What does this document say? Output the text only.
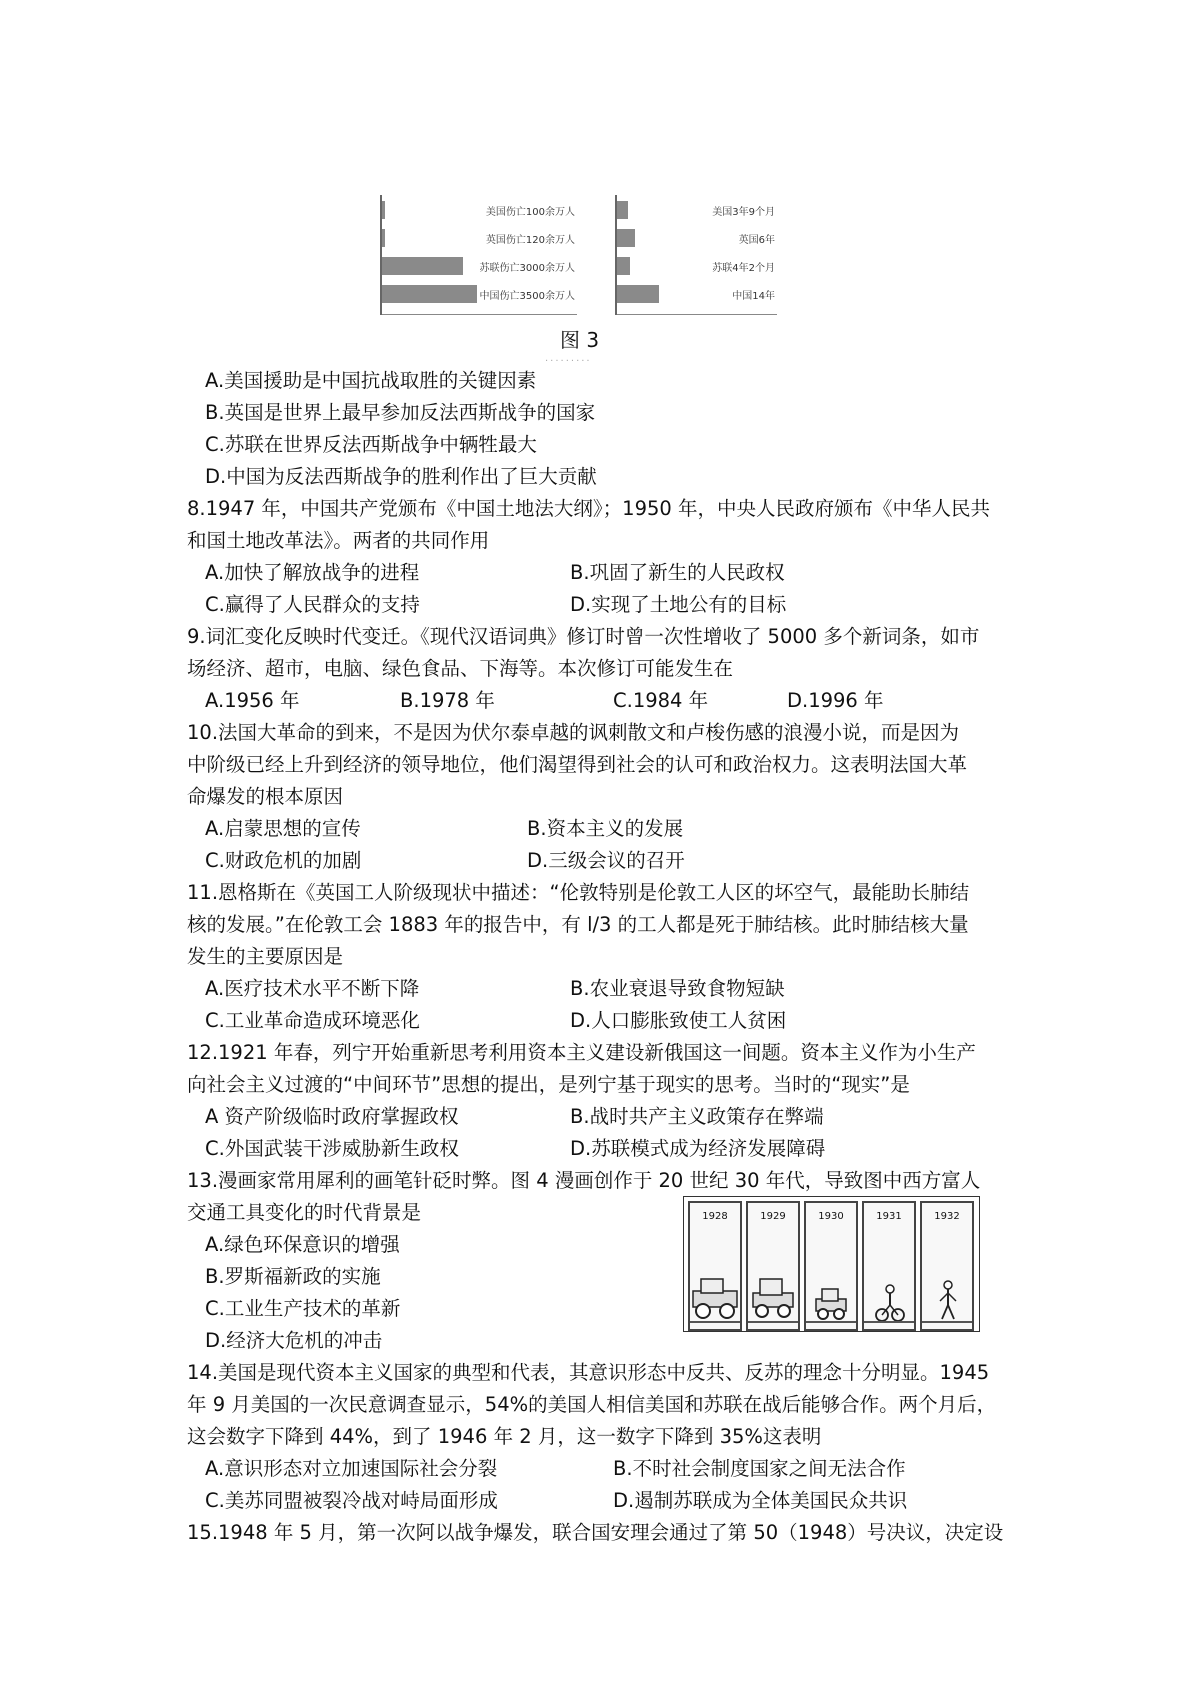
美国伤亡100余万人
英国伤亡120余万人
苏联伤亡3000余万人
中国伤亡3500余万人
美国3年9个月
英国6年
苏联4年2个月
中国14年
图 3
·········
A.美国援助是中国抗战取胜的关键因素
B.英国是世界上最早参加反法西斯战争的国家
C.苏联在世界反法西斯战争中辆牲最大
D.中国为反法西斯战争的胜利作出了巨大贡献
8.1947 年，中国共产党颁布《中国土地法大纲》；1950 年，中央人民政府颁布《中华人民共
和国土地改革法》。两者的共同作用
A.加快了解放战争的进程	B.巩固了新生的人民政权
C.赢得了人民群众的支持	D.实现了土地公有的目标
9.词汇变化反映时代变迁。《现代汉语词典》修订时曾一次性增收了 5000 多个新词条，如市
场经济、超市，电脑、绿色食品、下海等。本次修订可能发生在
A.1956 年	B.1978 年	C.1984 年	D.1996 年
10.法国大革命的到来，不是因为伏尔泰卓越的讽刺散文和卢梭伤感的浪漫小说，而是因为
中阶级已经上升到经济的领导地位，他们渴望得到社会的认可和政治权力。这表明法国大革
命爆发的根本原因
A.启蒙思想的宣传	B.资本主义的发展
C.财政危机的加剧	D.三级会议的召开
11.恩格斯在《英国工人阶级现状中描述：“伦敦特别是伦敦工人区的坏空气，最能助长肺结
核的发展。”在伦敦工会 1883 年的报告中，有 l/3 的工人都是死于肺结核。此时肺结核大量
发生的主要原因是
A.医疗技术水平不断下降	B.农业衰退导致食物短缺
C.工业革命造成环境恶化	D.人口膨胀致使工人贫困
12.1921 年春，列宁开始重新思考利用资本主义建设新俄国这一间题。资本主义作为小生产
向社会主义过渡的“中间环节”思想的提出，是列宁基于现实的思考。当时的“现实”是
A 资产阶级临时政府掌握政权	B.战时共产主义政策存在弊端
C.外国武装干涉威胁新生政权	D.苏联模式成为经济发展障碍
13.漫画家常用犀利的画笔针砭时弊。图 4 漫画创作于 20 世纪 30 年代，导致图中西方富人
交通工具变化的时代背景是
A.绿色环保意识的增强
B.罗斯福新政的实施
C.工业生产技术的革新
D.经济大危机的冲击
1928	1929	1930	1931	1932
14.美国是现代资本主义国家的典型和代表，其意识形态中反共、反苏的理念十分明显。1945
年 9 月美国的一次民意调查显示，54%的美国人相信美国和苏联在战后能够合作。两个月后，
这会数字下降到 44%，到了 1946 年 2 月，这一数字下降到 35%这表明
A.意识形态对立加速国际社会分裂	B.不时社会制度国家之间无法合作
C.美苏同盟被裂冷战对峙局面形成	D.遏制苏联成为全体美国民众共识
15.1948 年 5 月，第一次阿以战争爆发，联合国安理会通过了第 50（1948）号决议，决定设
